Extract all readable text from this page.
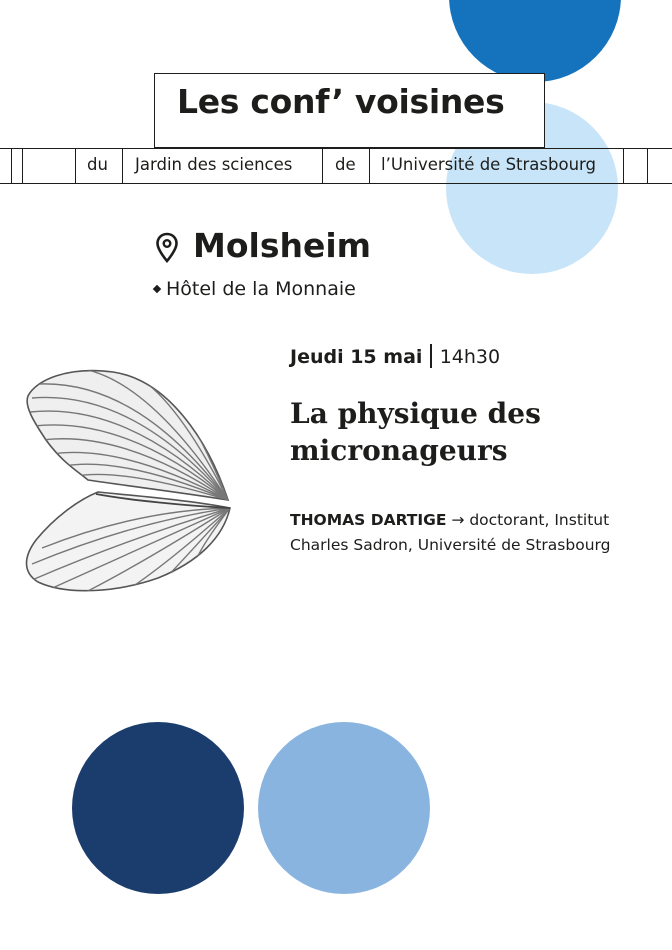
du Jardin des sciences	de l’Université de Strasbourg
Les conf’ voisines
Molsheim
Hôtel de la Monnaie
Jeudi 15 mai 14h30
La physique des micronageurs
THOMAS DARTIGE → doctorant, Institut Charles Sadron, Université de Strasbourg
